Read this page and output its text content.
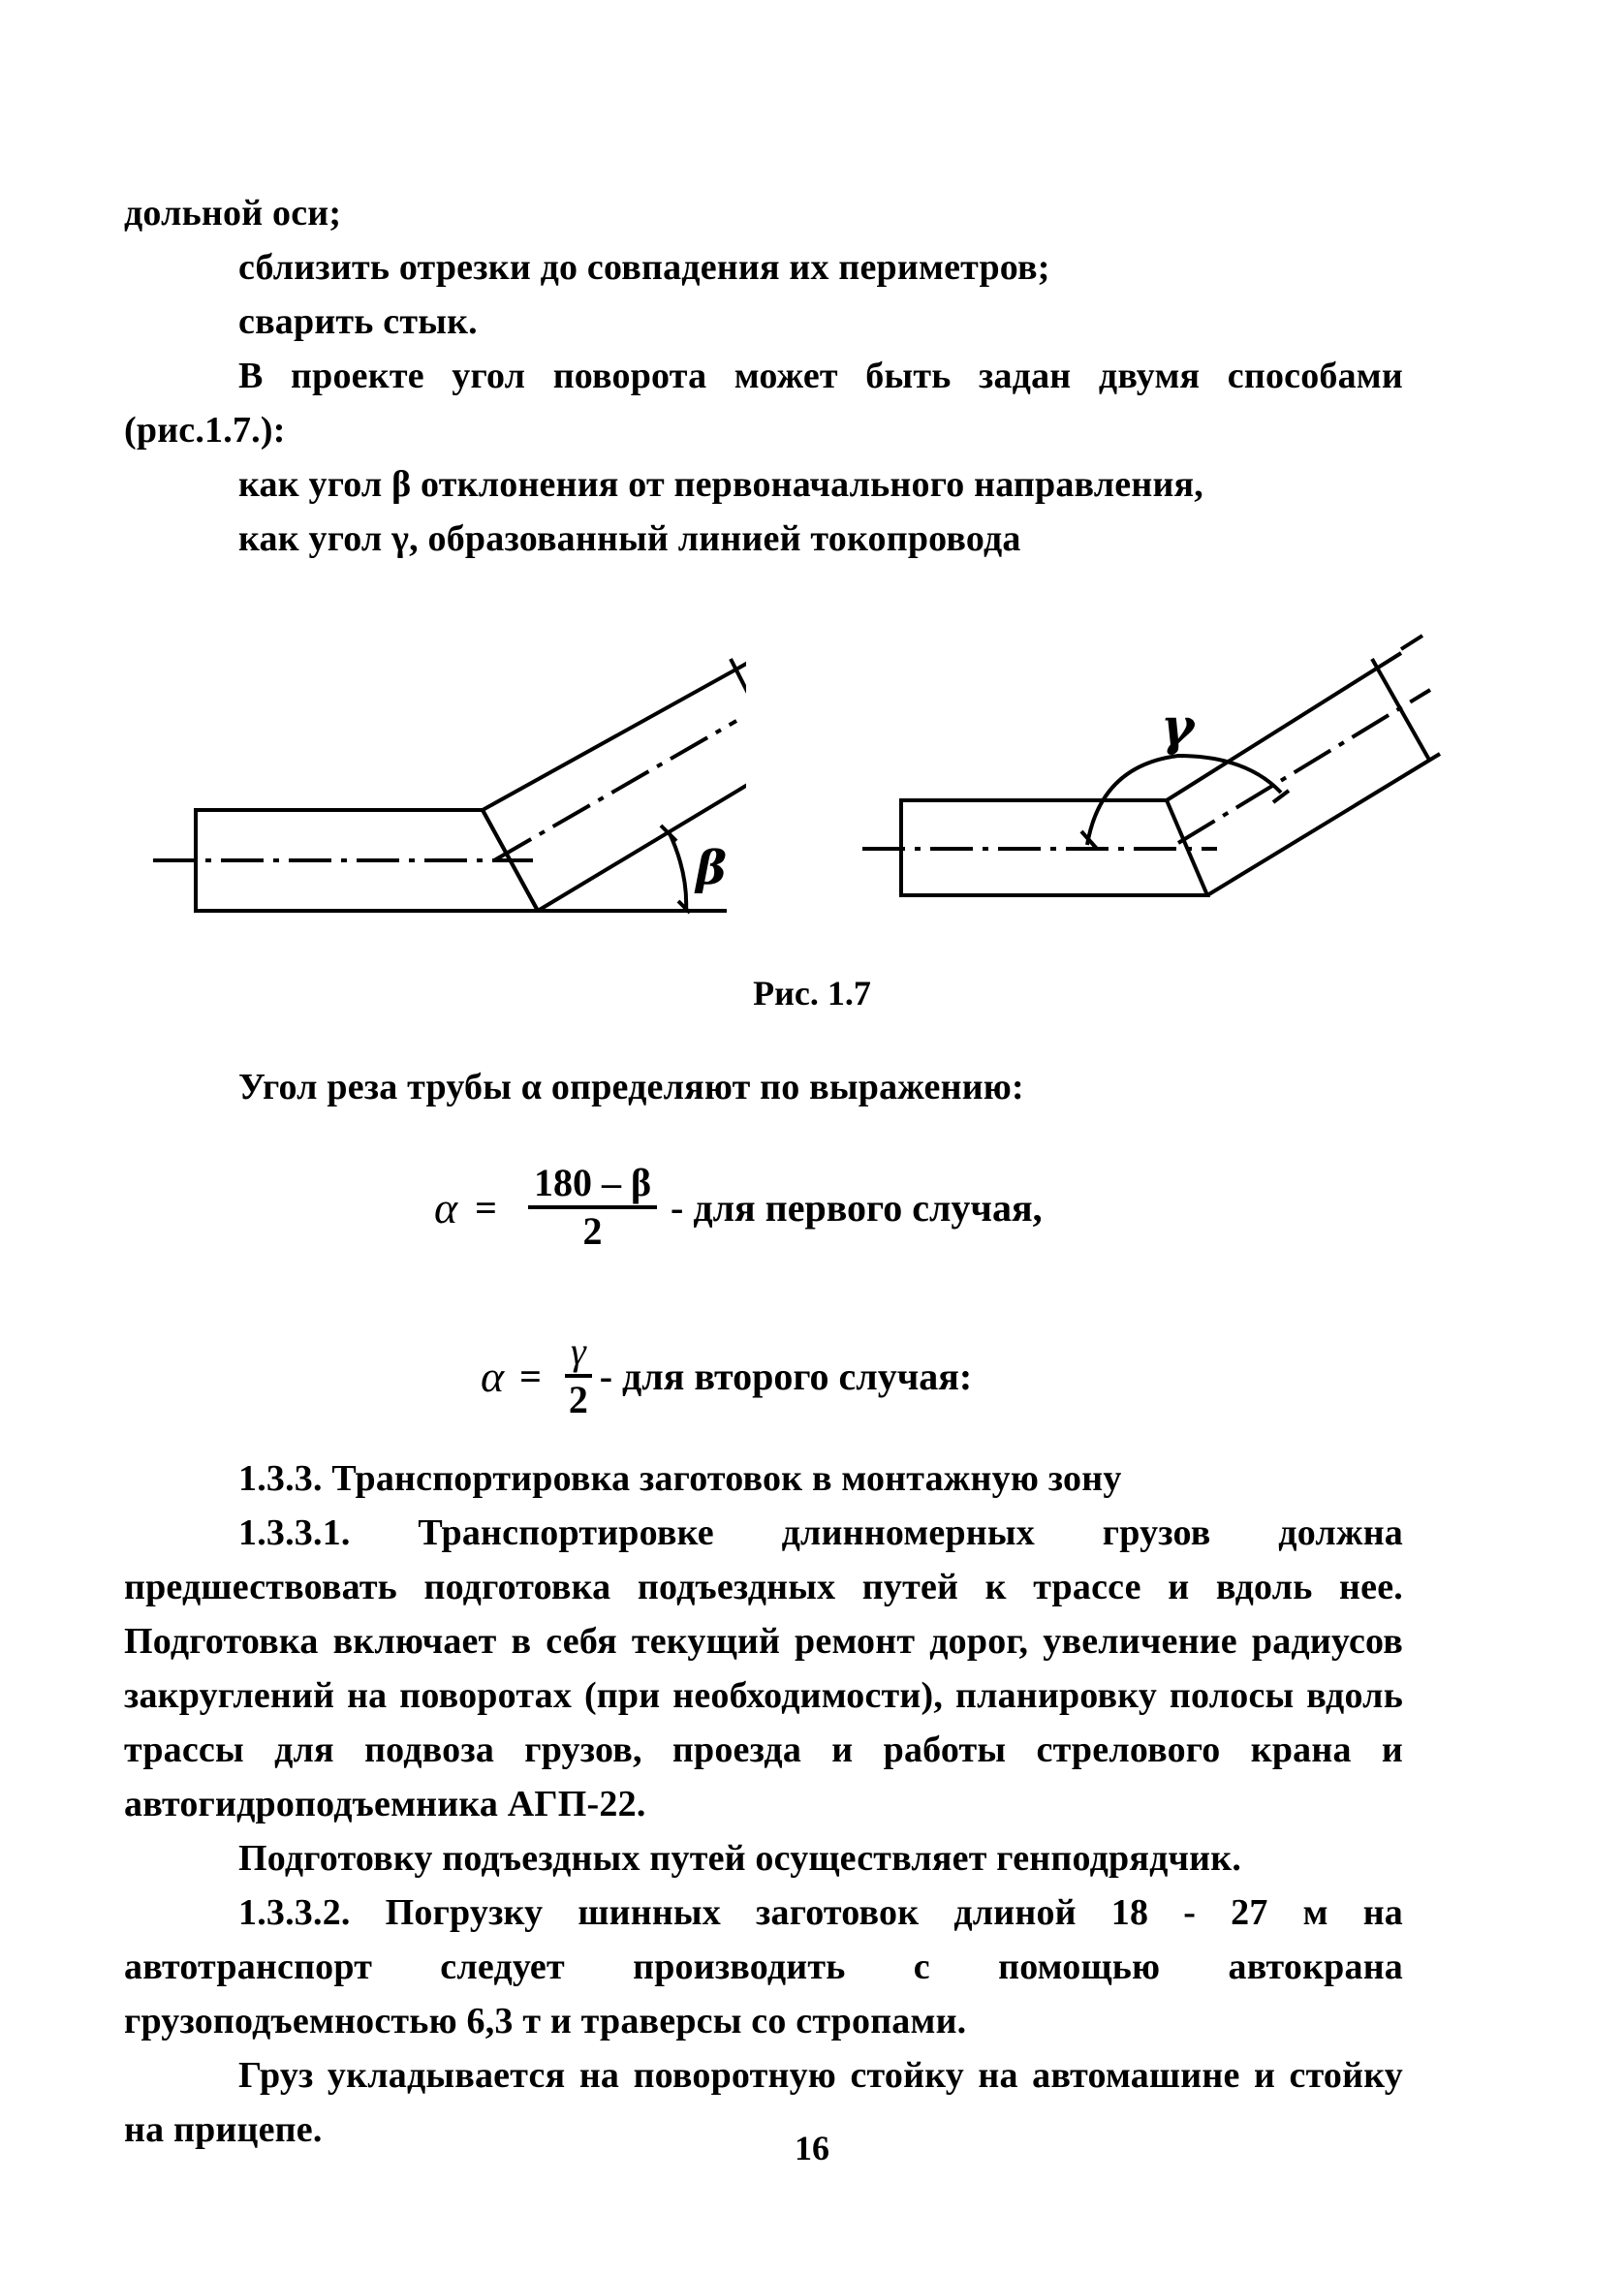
дольной оси;

сблизить отрезки до совпадения их периметров;

сварить стык.

В проекте угол поворота может быть задан двумя способами (рис.1.7.):

как угол β отклонения от первоначального направления,

как угол γ, образованный линией токопровода

β
γ
Рис. 1.7

Угол реза трубы α определяют по выражению:

$\alpha = \frac{180 - \beta}{2}$ - для первого случая,
$\alpha = \frac{\gamma}{2}$ - для второго случая:

1.3.3. Транспортировка заготовок в монтажную зону

1.3.3.1. Транспортировке длинномерных грузов должна предшествовать подготовка подъездных путей к трассе и вдоль нее. Подготовка включает в себя текущий ремонт дорог, увеличение радиусов закруглений на поворотах (при необходимости), планировку полосы вдоль трассы для подвоза грузов, проезда и работы стрелового крана и автогидроподъемника АГП-22.

Подготовку подъездных путей осуществляет генподрядчик.

1.3.3.2. Погрузку шинных заготовок длиной 18 - 27 м на автотранспорт следует производить с помощью автокрана грузоподъемностью 6,3 т и траверсы со стропами.

Груз укладывается на поворотную стойку на автомашине и стойку на прицепе.	16
